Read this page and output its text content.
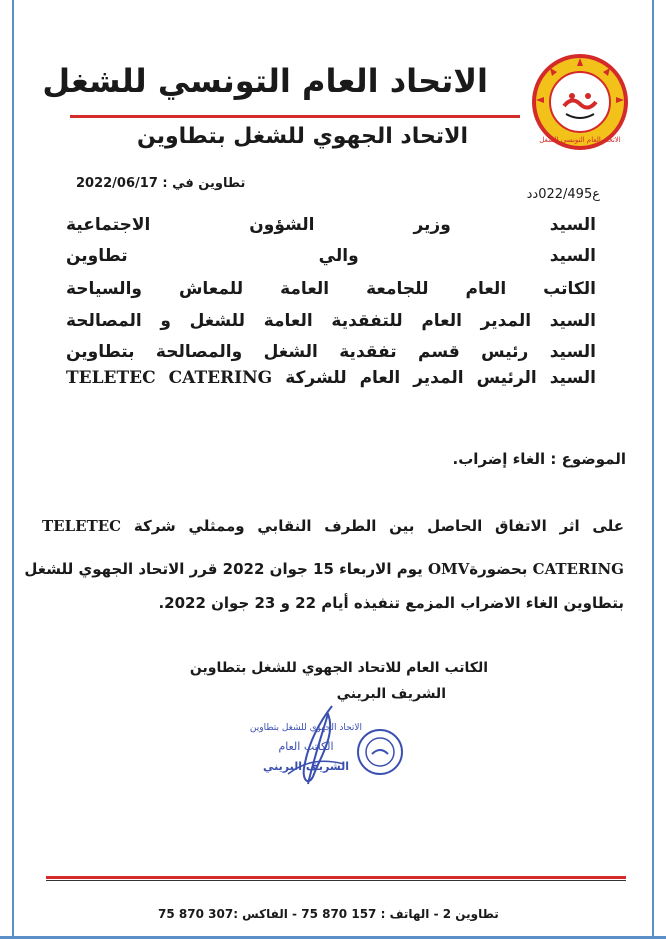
الاتحاد العام التونسي للشغل
الاتحاد العام التونسي للشغل
الاتحاد الجهوي للشغل بتطاوين
ع022/495دد
تطاوين في : 2022/06/17
السيد وزير الشؤون الاجتماعية
السيد والي تطاوين
الكاتب العام للجامعة العامة للمعاش والسياحة
السيد المدير العام للتفقدية العامة للشغل و المصالحة
السيد رئيس قسم تفقدية الشغل والمصالحة بتطاوين
السيد الرئيس المدير العام للشركة TELETEC CATERING
الموضوع : الغاء إضراب.
على اثر الاتفاق الحاصل بين الطرف النقابي وممثلي شركة TELETEC
CATERING بحضورةOMV يوم الاربعاء 15 جوان 2022 قرر الاتحاد الجهوي للشغل
بتطاوين الغاء الاضراب المزمع تنفيذه أيام 22 و 23 جوان 2022.
الكاتب العام للاتحاد الجهوي للشغل بتطاوين
الشريف البريني
الاتحاد الجهوي للشغل بتطاوين
الكاتب العام
الشريف البريني
تطاوين 2 - الهاتف : 157 870 75 - الفاكس :307 870 75
